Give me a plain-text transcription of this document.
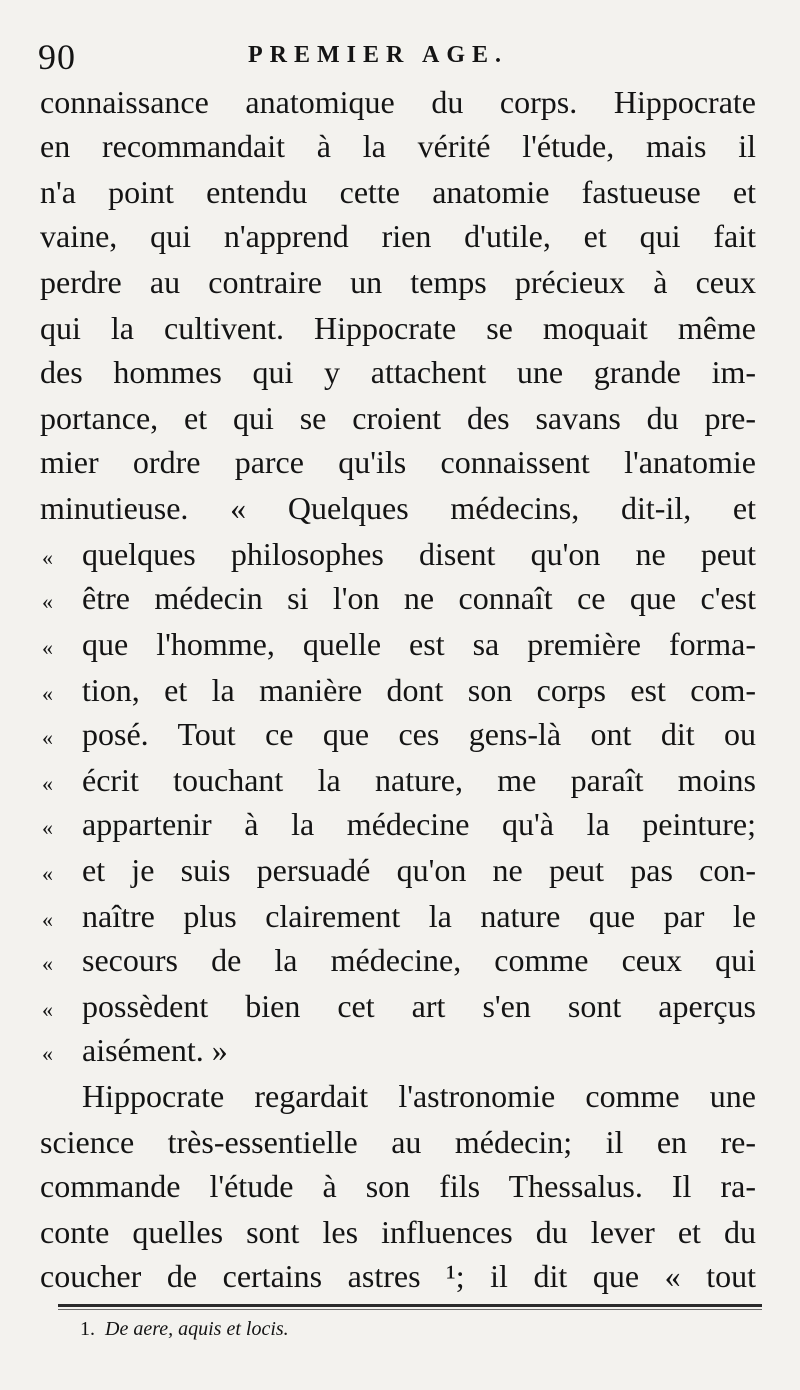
90	PREMIER AGE.
connaissance anatomique du corps. Hippocrate
en recommandait à la vérité l'étude, mais il
n'a point entendu cette anatomie fastueuse et
vaine, qui n'apprend rien d'utile, et qui fait
perdre au contraire un temps précieux à ceux
qui la cultivent. Hippocrate se moquait même
des hommes qui y attachent une grande im-
portance, et qui se croient des savans du pre-
mier ordre parce qu'ils connaissent l'anatomie
minutieuse. « Quelques médecins, dit-il, et
« quelques philosophes disent qu'on ne peut
« être médecin si l'on ne connaît ce que c'est
« que l'homme, quelle est sa première forma-
« tion, et la manière dont son corps est com-
« posé. Tout ce que ces gens-là ont dit ou
« écrit touchant la nature, me paraît moins
« appartenir à la médecine qu'à la peinture;
« et je suis persuadé qu'on ne peut pas con-
« naître plus clairement la nature que par le
« secours de la médecine, comme ceux qui
« possèdent bien cet art s'en sont aperçus
« aisément. »
Hippocrate regardait l'astronomie comme une
science très-essentielle au médecin; il en re-
commande l'étude à son fils Thessalus. Il ra-
conte quelles sont les influences du lever et du
coucher de certains astres ¹; il dit que « tout
1. De aere, aquis et locis.
